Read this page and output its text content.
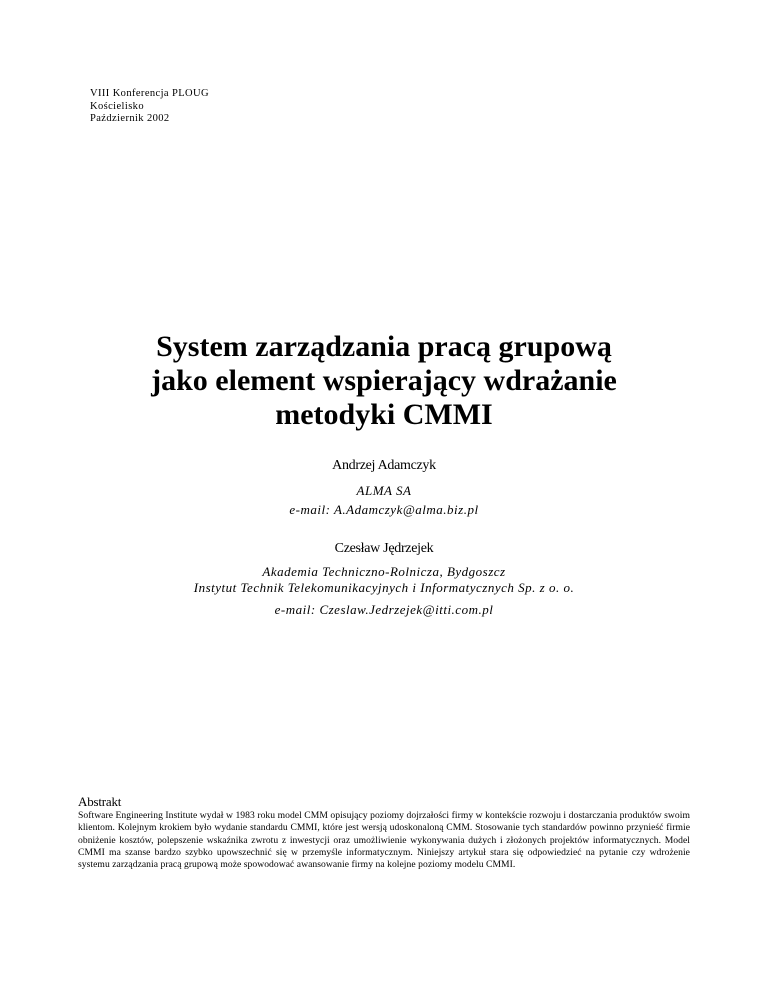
VIII Konferencja PLOUG
Kościelisko
Październik 2002
System zarządzania pracą grupową
jako element wspierający wdrażanie
metodyki CMMI
Andrzej Adamczyk
ALMA SA
e-mail: A.Adamczyk@alma.biz.pl
Czesław Jędrzejek
Akademia Techniczno-Rolnicza, Bydgoszcz
Instytut Technik Telekomunikacyjnych i Informatycznych Sp. z o. o.
e-mail: Czeslaw.Jedrzejek@itti.com.pl
Abstrakt
Software Engineering Institute wydał w 1983 roku model CMM opisujący poziomy dojrzałości firmy w kontekście rozwoju i dostarczania produktów swoim klientom. Kolejnym krokiem było wydanie standardu CMMI, które jest wersją udoskonaloną CMM. Stosowanie tych standardów powinno przynieść firmie obniżenie kosztów, polepszenie wskaźnika zwrotu z inwestycji oraz umożliwienie wykonywania dużych i złożonych projektów informatycznych. Model CMMI ma szanse bardzo szybko upowszechnić się w przemyśle informatycznym. Niniejszy artykuł stara się odpowiedzieć na pytanie czy wdrożenie systemu zarządzania pracą grupową może spowodować awansowanie firmy na kolejne poziomy modelu CMMI.
